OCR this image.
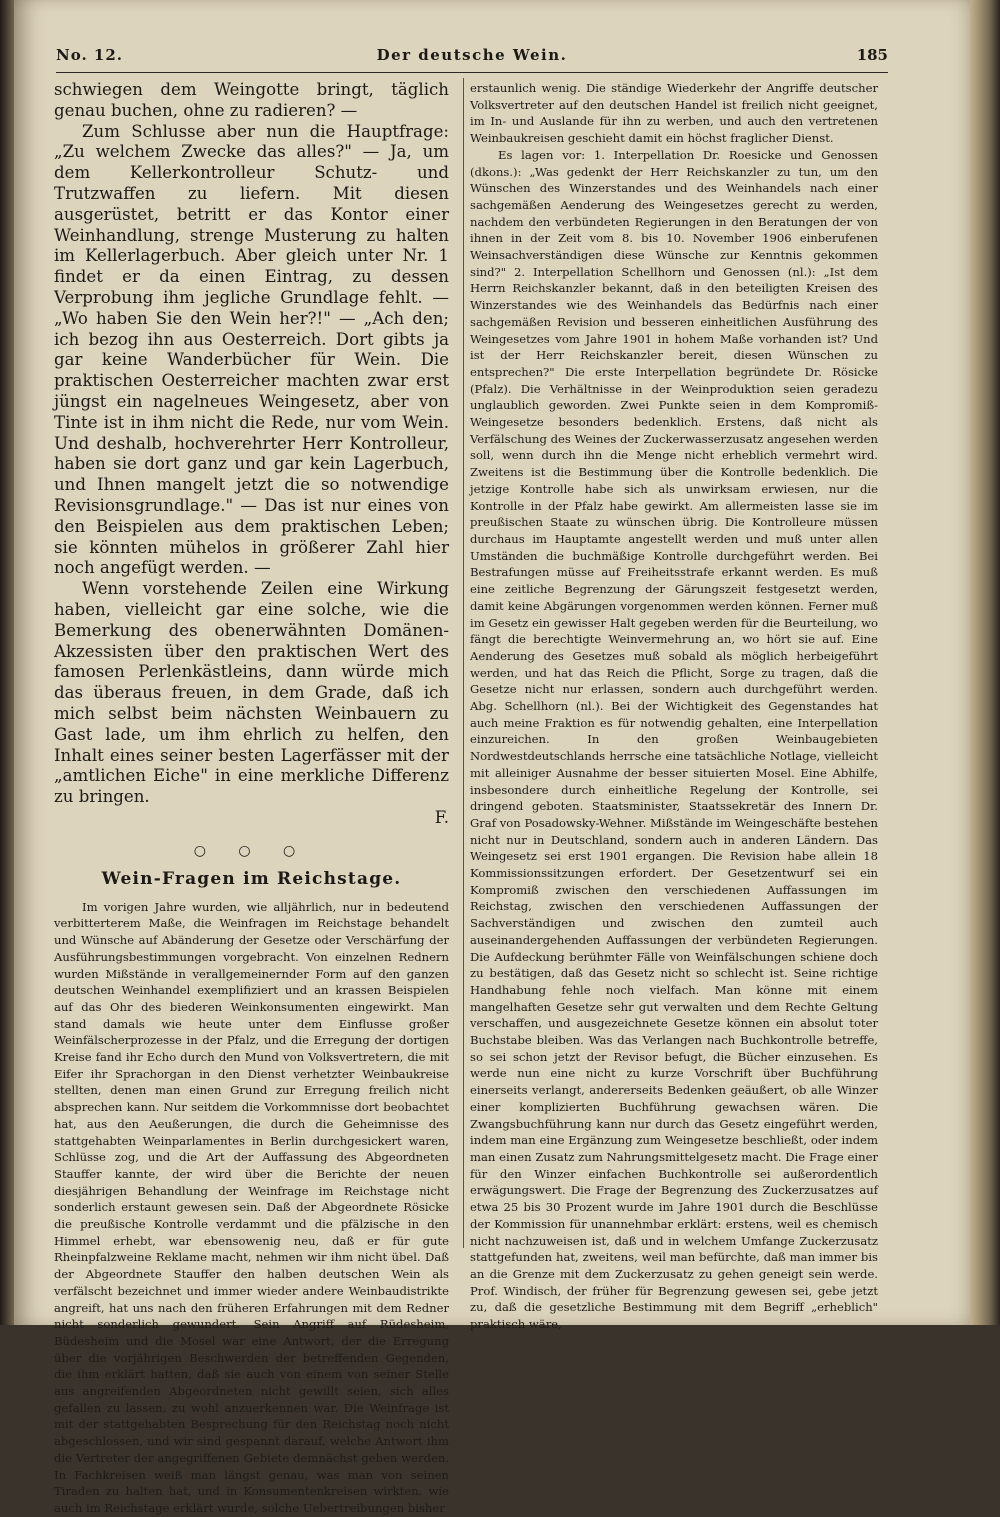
No. 12.	Der deutsche Wein.	185

schwiegen dem Weingotte bringt, täglich genau buchen, ohne zu radieren? —

Zum Schlusse aber nun die Hauptfrage: „Zu welchem Zwecke das alles?" — Ja, um dem Kellerkontrolleur Schutz- und Trutzwaffen zu liefern. Mit diesen ausgerüstet, betritt er das Kontor einer Weinhandlung, strenge Musterung zu halten im Kellerlagerbuch. Aber gleich unter Nr. 1 findet er da einen Eintrag, zu dessen Verprobung ihm jegliche Grundlage fehlt. — „Wo haben Sie den Wein her?!" — „Ach den; ich bezog ihn aus Oesterreich. Dort gibts ja gar keine Wanderbücher für Wein. Die praktischen Oesterreicher machten zwar erst jüngst ein nagelneues Weingesetz, aber von Tinte ist in ihm nicht die Rede, nur vom Wein. Und deshalb, hochverehrter Herr Kontrolleur, haben sie dort ganz und gar kein Lagerbuch, und Ihnen mangelt jetzt die so notwendige Revisionsgrundlage." — Das ist nur eines von den Beispielen aus dem praktischen Leben; sie könnten mühelos in größerer Zahl hier noch angefügt werden. —

Wenn vorstehende Zeilen eine Wirkung haben, vielleicht gar eine solche, wie die Bemerkung des obenerwähnten Domänen-Akzessisten über den praktischen Wert des famosen Perlenkästleins, dann würde mich das überaus freuen, in dem Grade, daß ich mich selbst beim nächsten Weinbauern zu Gast lade, um ihm ehrlich zu helfen, den Inhalt eines seiner besten Lagerfässer mit der „amtlichen Eiche" in eine merkliche Differenz zu bringen.

F.

○ ○ ○
Wein-Fragen im Reichstage.

Im vorigen Jahre wurden, wie alljährlich, nur in bedeutend verbitterterem Maße, die Weinfragen im Reichstage behandelt und Wünsche auf Abänderung der Gesetze oder Verschärfung der Ausführungsbestimmungen vorgebracht. Von einzelnen Rednern wurden Mißstände in verallgemeinernder Form auf den ganzen deutschen Weinhandel exemplifiziert und an krassen Beispielen auf das Ohr des biederen Weinkonsumenten eingewirkt. Man stand damals wie heute unter dem Einflusse großer Weinfälscherprozesse in der Pfalz, und die Erregung der dortigen Kreise fand ihr Echo durch den Mund von Volksvertretern, die mit Eifer ihr Sprachorgan in den Dienst verhetzter Weinbaukreise stellten, denen man einen Grund zur Erregung freilich nicht absprechen kann. Nur seitdem die Vorkommnisse dort beobachtet hat, aus den Aeußerungen, die durch die Geheimnisse des stattgehabten Weinparlamentes in Berlin durchgesickert waren, Schlüsse zog, und die Art der Auffassung des Abgeordneten Stauffer kannte, der wird über die Berichte der neuen diesjährigen Behandlung der Weinfrage im Reichstage nicht sonderlich erstaunt gewesen sein. Daß der Abgeordnete Rösicke die preußische Kontrolle verdammt und die pfälzische in den Himmel erhebt, war ebensowenig neu, daß er für gute Rheinpfalzweine Reklame macht, nehmen wir ihm nicht übel. Daß der Abgeordnete Stauffer den halben deutschen Wein als verfälscht bezeichnet und immer wieder andere Weinbaudistrikte angreift, hat uns nach den früheren Erfahrungen mit dem Redner nicht sonderlich gewundert. Sein Angriff auf Rüdesheim, Büdesheim und die Mosel war eine Antwort, der die Erregung über die vorjährigen Beschwerden der betreffenden Gegenden, die ihm erklärt hatten, daß sie auch von einem von seiner Stelle aus angreifenden Abgeordneten nicht gewillt seien, sich alles gefallen zu lassen, zu wohl anzuerkennen war. Die Weinfrage ist mit der stattgehabten Besprechung für den Reichstag noch nicht abgeschlossen, und wir sind gespannt darauf, welche Antwort ihm die Vertreter der angegriffenen Gebiete demnächst geben werden. In Fachkreisen weiß man längst genau, was man von seinen Tiraden zu halten hat, und in Konsumentenkreisen wirkten, wie auch im Reichstage erklärt wurde, solche Uebertreibungen bisher

erstaunlich wenig. Die ständige Wiederkehr der Angriffe deutscher Volksvertreter auf den deutschen Handel ist freilich nicht geeignet, im In- und Auslande für ihn zu werben, und auch den vertretenen Weinbaukreisen geschieht damit ein höchst fraglicher Dienst.

Es lagen vor: 1. Interpellation Dr. Roesicke und Genossen (dkons.): „Was gedenkt der Herr Reichskanzler zu tun, um den Wünschen des Winzerstandes und des Weinhandels nach einer sachgemäßen Aenderung des Weingesetzes gerecht zu werden, nachdem den verbündeten Regierungen in den Beratungen der von ihnen in der Zeit vom 8. bis 10. November 1906 einberufenen Weinsachverständigen diese Wünsche zur Kenntnis gekommen sind?" 2. Interpellation Schellhorn und Genossen (nl.): „Ist dem Herrn Reichskanzler bekannt, daß in den beteiligten Kreisen des Winzerstandes wie des Weinhandels das Bedürfnis nach einer sachgemäßen Revision und besseren einheitlichen Ausführung des Weingesetzes vom Jahre 1901 in hohem Maße vorhanden ist? Und ist der Herr Reichskanzler bereit, diesen Wünschen zu entsprechen?" Die erste Interpellation begründete Dr. Rösicke (Pfalz). Die Verhältnisse in der Weinproduktion seien geradezu unglaublich geworden. Zwei Punkte seien in dem Kompromiß-Weingesetze besonders bedenklich. Erstens, daß nicht als Verfälschung des Weines der Zuckerwasserzusatz angesehen werden soll, wenn durch ihn die Menge nicht erheblich vermehrt wird. Zweitens ist die Bestimmung über die Kontrolle bedenklich. Die jetzige Kontrolle habe sich als unwirksam erwiesen, nur die Kontrolle in der Pfalz habe gewirkt. Am allermeisten lasse sie im preußischen Staate zu wünschen übrig. Die Kontrolleure müssen durchaus im Hauptamte angestellt werden und muß unter allen Umständen die buchmäßige Kontrolle durchgeführt werden. Bei Bestrafungen müsse auf Freiheitsstrafe erkannt werden. Es muß eine zeitliche Begrenzung der Gärungszeit festgesetzt werden, damit keine Abgärungen vorgenommen werden können. Ferner muß im Gesetz ein gewisser Halt gegeben werden für die Beurteilung, wo fängt die berechtigte Weinvermehrung an, wo hört sie auf. Eine Aenderung des Gesetzes muß sobald als möglich herbeigeführt werden, und hat das Reich die Pflicht, Sorge zu tragen, daß die Gesetze nicht nur erlassen, sondern auch durchgeführt werden. Abg. Schellhorn (nl.). Bei der Wichtigkeit des Gegenstandes hat auch meine Fraktion es für notwendig gehalten, eine Interpellation einzureichen. In den großen Weinbaugebieten Nordwestdeutschlands herrsche eine tatsächliche Notlage, vielleicht mit alleiniger Ausnahme der besser situierten Mosel. Eine Abhilfe, insbesondere durch einheitliche Regelung der Kontrolle, sei dringend geboten. Staatsminister, Staatssekretär des Innern Dr. Graf von Posadowsky-Wehner. Mißstände im Weingeschäfte bestehen nicht nur in Deutschland, sondern auch in anderen Ländern. Das Weingesetz sei erst 1901 ergangen. Die Revision habe allein 18 Kommissionssitzungen erfordert. Der Gesetzentwurf sei ein Kompromiß zwischen den verschiedenen Auffassungen im Reichstag, zwischen den verschiedenen Auffassungen der Sachverständigen und zwischen den zumteil auch auseinandergehenden Auffassungen der verbündeten Regierungen. Die Aufdeckung berühmter Fälle von Weinfälschungen schiene doch zu bestätigen, daß das Gesetz nicht so schlecht ist. Seine richtige Handhabung fehle noch vielfach. Man könne mit einem mangelhaften Gesetze sehr gut verwalten und dem Rechte Geltung verschaffen, und ausgezeichnete Gesetze können ein absolut toter Buchstabe bleiben. Was das Verlangen nach Buchkontrolle betreffe, so sei schon jetzt der Revisor befugt, die Bücher einzusehen. Es werde nun eine nicht zu kurze Vorschrift über Buchführung einerseits verlangt, andererseits Bedenken geäußert, ob alle Winzer einer komplizierten Buchführung gewachsen wären. Die Zwangsbuchführung kann nur durch das Gesetz eingeführt werden, indem man eine Ergänzung zum Weingesetze beschließt, oder indem man einen Zusatz zum Nahrungsmittelgesetz macht. Die Frage einer für den Winzer einfachen Buchkontrolle sei außerordentlich erwägungswert. Die Frage der Begrenzung des Zuckerzusatzes auf etwa 25 bis 30 Prozent wurde im Jahre 1901 durch die Beschlüsse der Kommission für unannehmbar erklärt: erstens, weil es chemisch nicht nachzuweisen ist, daß und in welchem Umfange Zuckerzusatz stattgefunden hat, zweitens, weil man befürchte, daß man immer bis an die Grenze mit dem Zuckerzusatz zu gehen geneigt sein werde. Prof. Windisch, der früher für Begrenzung gewesen sei, gebe jetzt zu, daß die gesetzliche Bestimmung mit dem Begriff „erheblich" praktisch wäre,
